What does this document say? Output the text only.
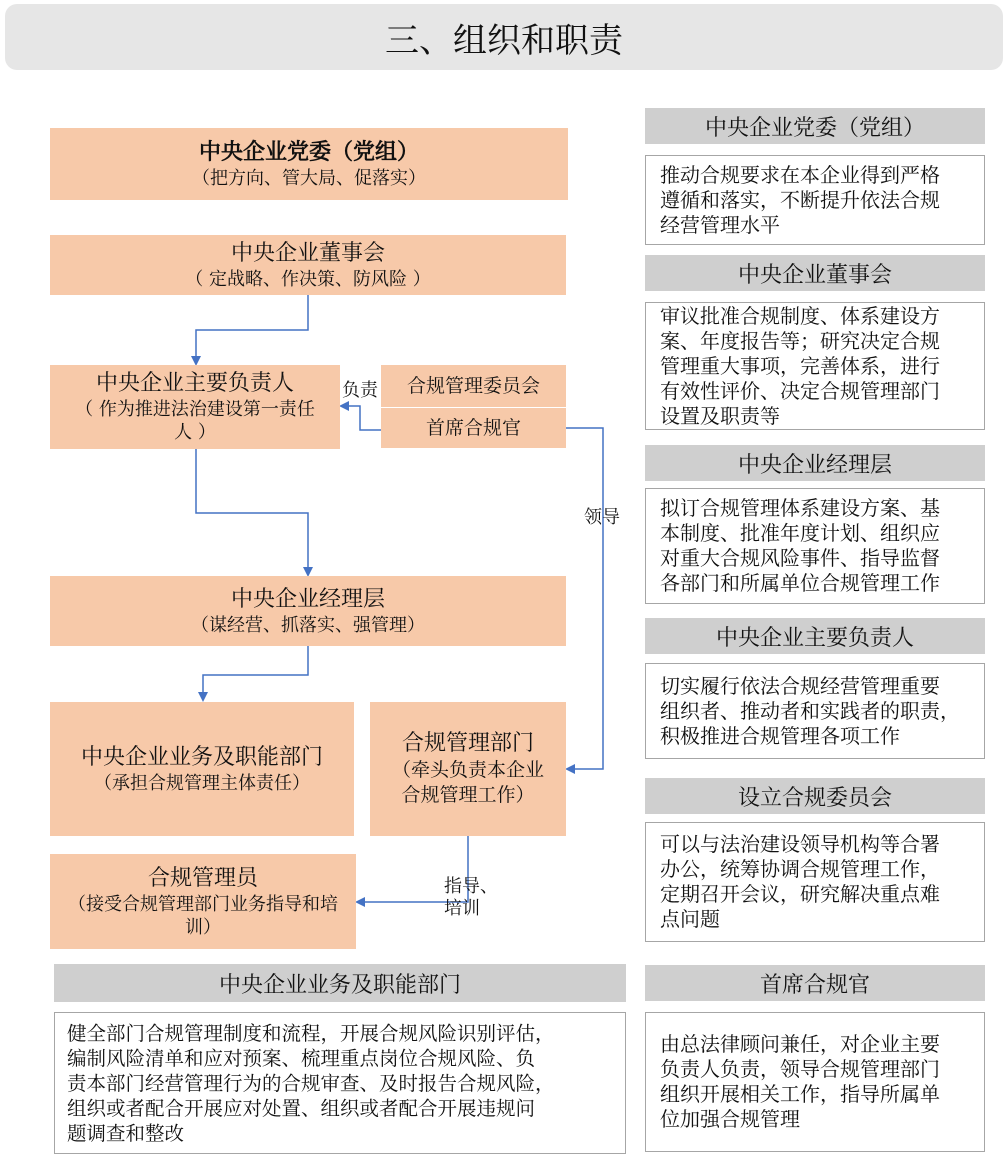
三、组织和职责
中央企业党委（党组）
（把方向、管大局、促落实）
中央企业董事会
（ 定战略、作决策、防风险 ）
中央企业主要负责人
（ 作为推进法治建设第一责任人 ）
合规管理委员会
首席合规官
中央企业经理层
（谋经营、抓落实、强管理）
中央企业业务及职能部门
（承担合规管理主体责任）
合规管理部门
（牵头负责本企业合规管理工作）
合规管理员
（接受合规管理部门业务指导和培训）
负责
领导
指导、培训
中央企业党委（党组）
推动合规要求在本企业得到严格
遵循和落实，不断提升依法合规
经营管理水平
中央企业董事会
审议批准合规制度、体系建设方
案、年度报告等；研究决定合规
管理重大事项，完善体系，进行
有效性评价、决定合规管理部门
设置及职责等
中央企业经理层
拟订合规管理体系建设方案、基
本制度、批准年度计划、组织应
对重大合规风险事件、指导监督
各部门和所属单位合规管理工作
中央企业主要负责人
切实履行依法合规经营管理重要
组织者、推动者和实践者的职责，
积极推进合规管理各项工作
设立合规委员会
可以与法治建设领导机构等合署
办公，统筹协调合规管理工作，
定期召开会议，研究解决重点难
点问题
首席合规官
由总法律顾问兼任，对企业主要
负责人负责，领导合规管理部门
组织开展相关工作，指导所属单
位加强合规管理
中央企业业务及职能部门
健全部门合规管理制度和流程，开展合规风险识别评估，
编制风险清单和应对预案、梳理重点岗位合规风险、负
责本部门经营管理行为的合规审查、及时报告合规风险，
组织或者配合开展应对处置、组织或者配合开展违规问
题调查和整改
